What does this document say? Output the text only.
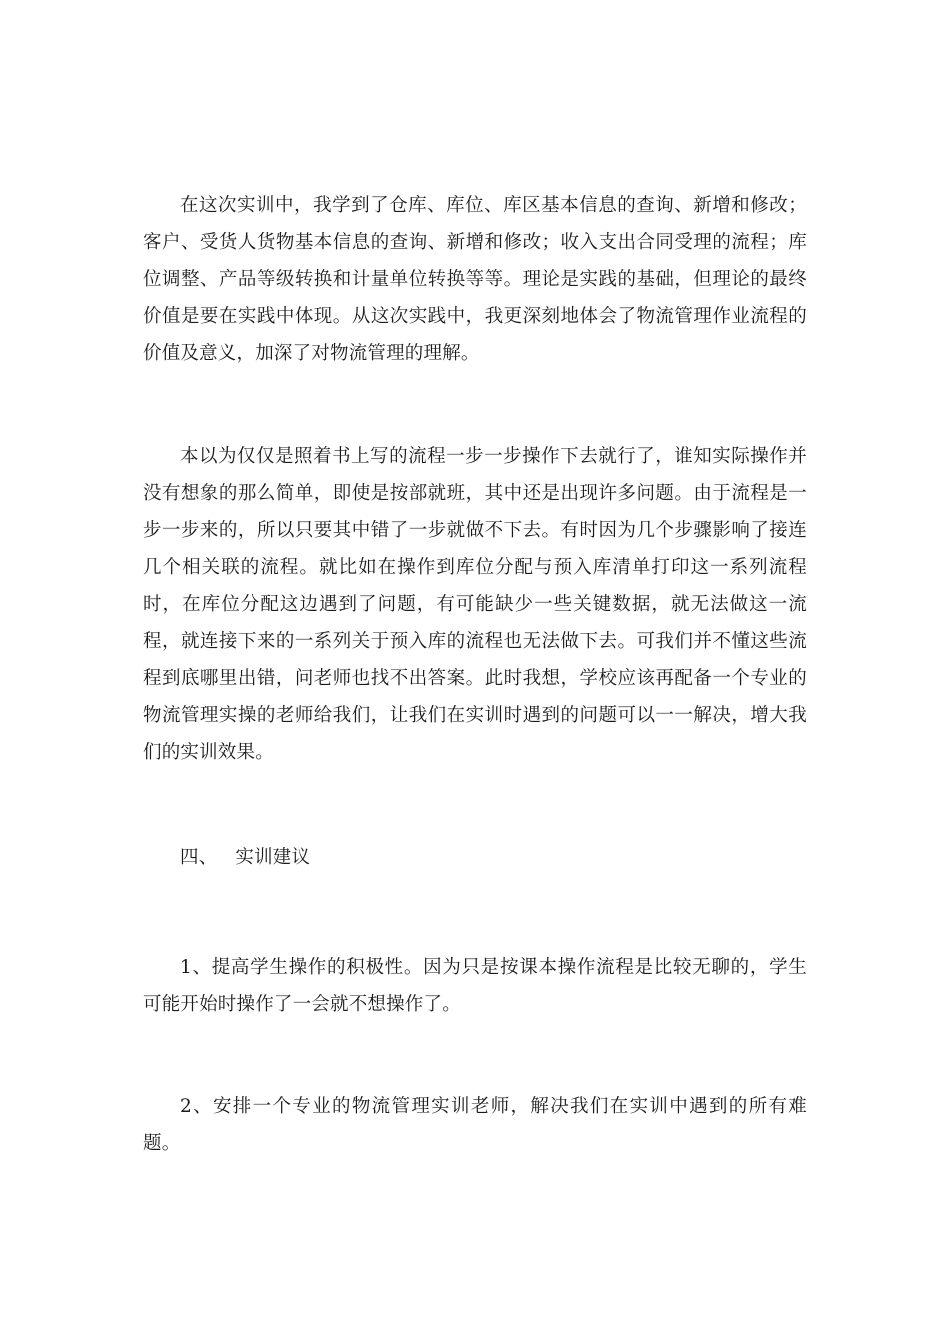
在这次实训中，我学到了仓库、库位、库区基本信息的查询、新增和修改；客户、受货人货物基本信息的查询、新增和修改；收入支出合同受理的流程；库位调整、产品等级转换和计量单位转换等等。理论是实践的基础，但理论的最终价值是要在实践中体现。从这次实践中，我更深刻地体会了物流管理作业流程的价值及意义，加深了对物流管理的理解。

本以为仅仅是照着书上写的流程一步一步操作下去就行了，谁知实际操作并没有想象的那么简单，即使是按部就班，其中还是出现许多问题。由于流程是一步一步来的，所以只要其中错了一步就做不下去。有时因为几个步骤影响了接连几个相关联的流程。就比如在操作到库位分配与预入库清单打印这一系列流程时，在库位分配这边遇到了问题，有可能缺少一些关键数据，就无法做这一流程，就连接下来的一系列关于预入库的流程也无法做下去。可我们并不懂这些流程到底哪里出错，问老师也找不出答案。此时我想，学校应该再配备一个专业的物流管理实操的老师给我们，让我们在实训时遇到的问题可以一一解决，增大我们的实训效果。

四、 实训建议

1、提高学生操作的积极性。因为只是按课本操作流程是比较无聊的，学生可能开始时操作了一会就不想操作了。

2、安排一个专业的物流管理实训老师，解决我们在实训中遇到的所有难题。
